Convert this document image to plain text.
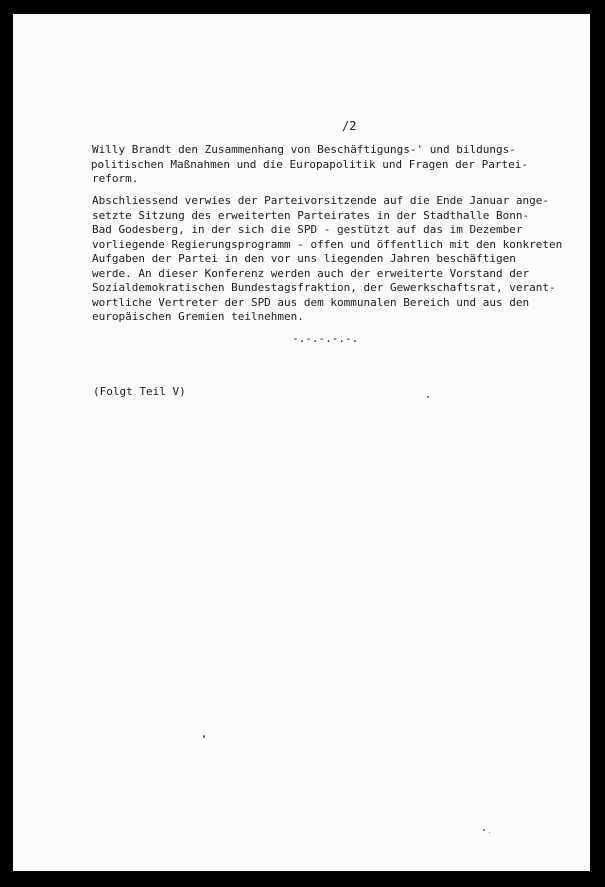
/2
Willy Brandt den Zusammenhang von Beschäftigungs-' und bildungs-
politischen Maßnahmen und die Europapolitik und Fragen der Partei-
reform.
Abschliessend verwies der Parteivorsitzende auf die Ende Januar ange-
setzte Sitzung des erweiterten Parteirates in der Stadthalle Bonn-
Bad Godesberg, in der sich die SPD - gestützt auf das im Dezember
vorliegende Regierungsprogramm - offen und öffentlich mit den konkreten
Aufgaben der Partei in den vor uns liegenden Jahren beschäftigen
werde. An dieser Konferenz werden auch der erweiterte Vorstand der
Sozialdemokratischen Bundestagsfraktion, der Gewerkschaftsrat, verant-
wortliche Vertreter der SPD aus dem kommunalen Bereich und aus den
europäischen Gremien teilnehmen.
-.-.-.-.-.
(Folgt Teil V)
